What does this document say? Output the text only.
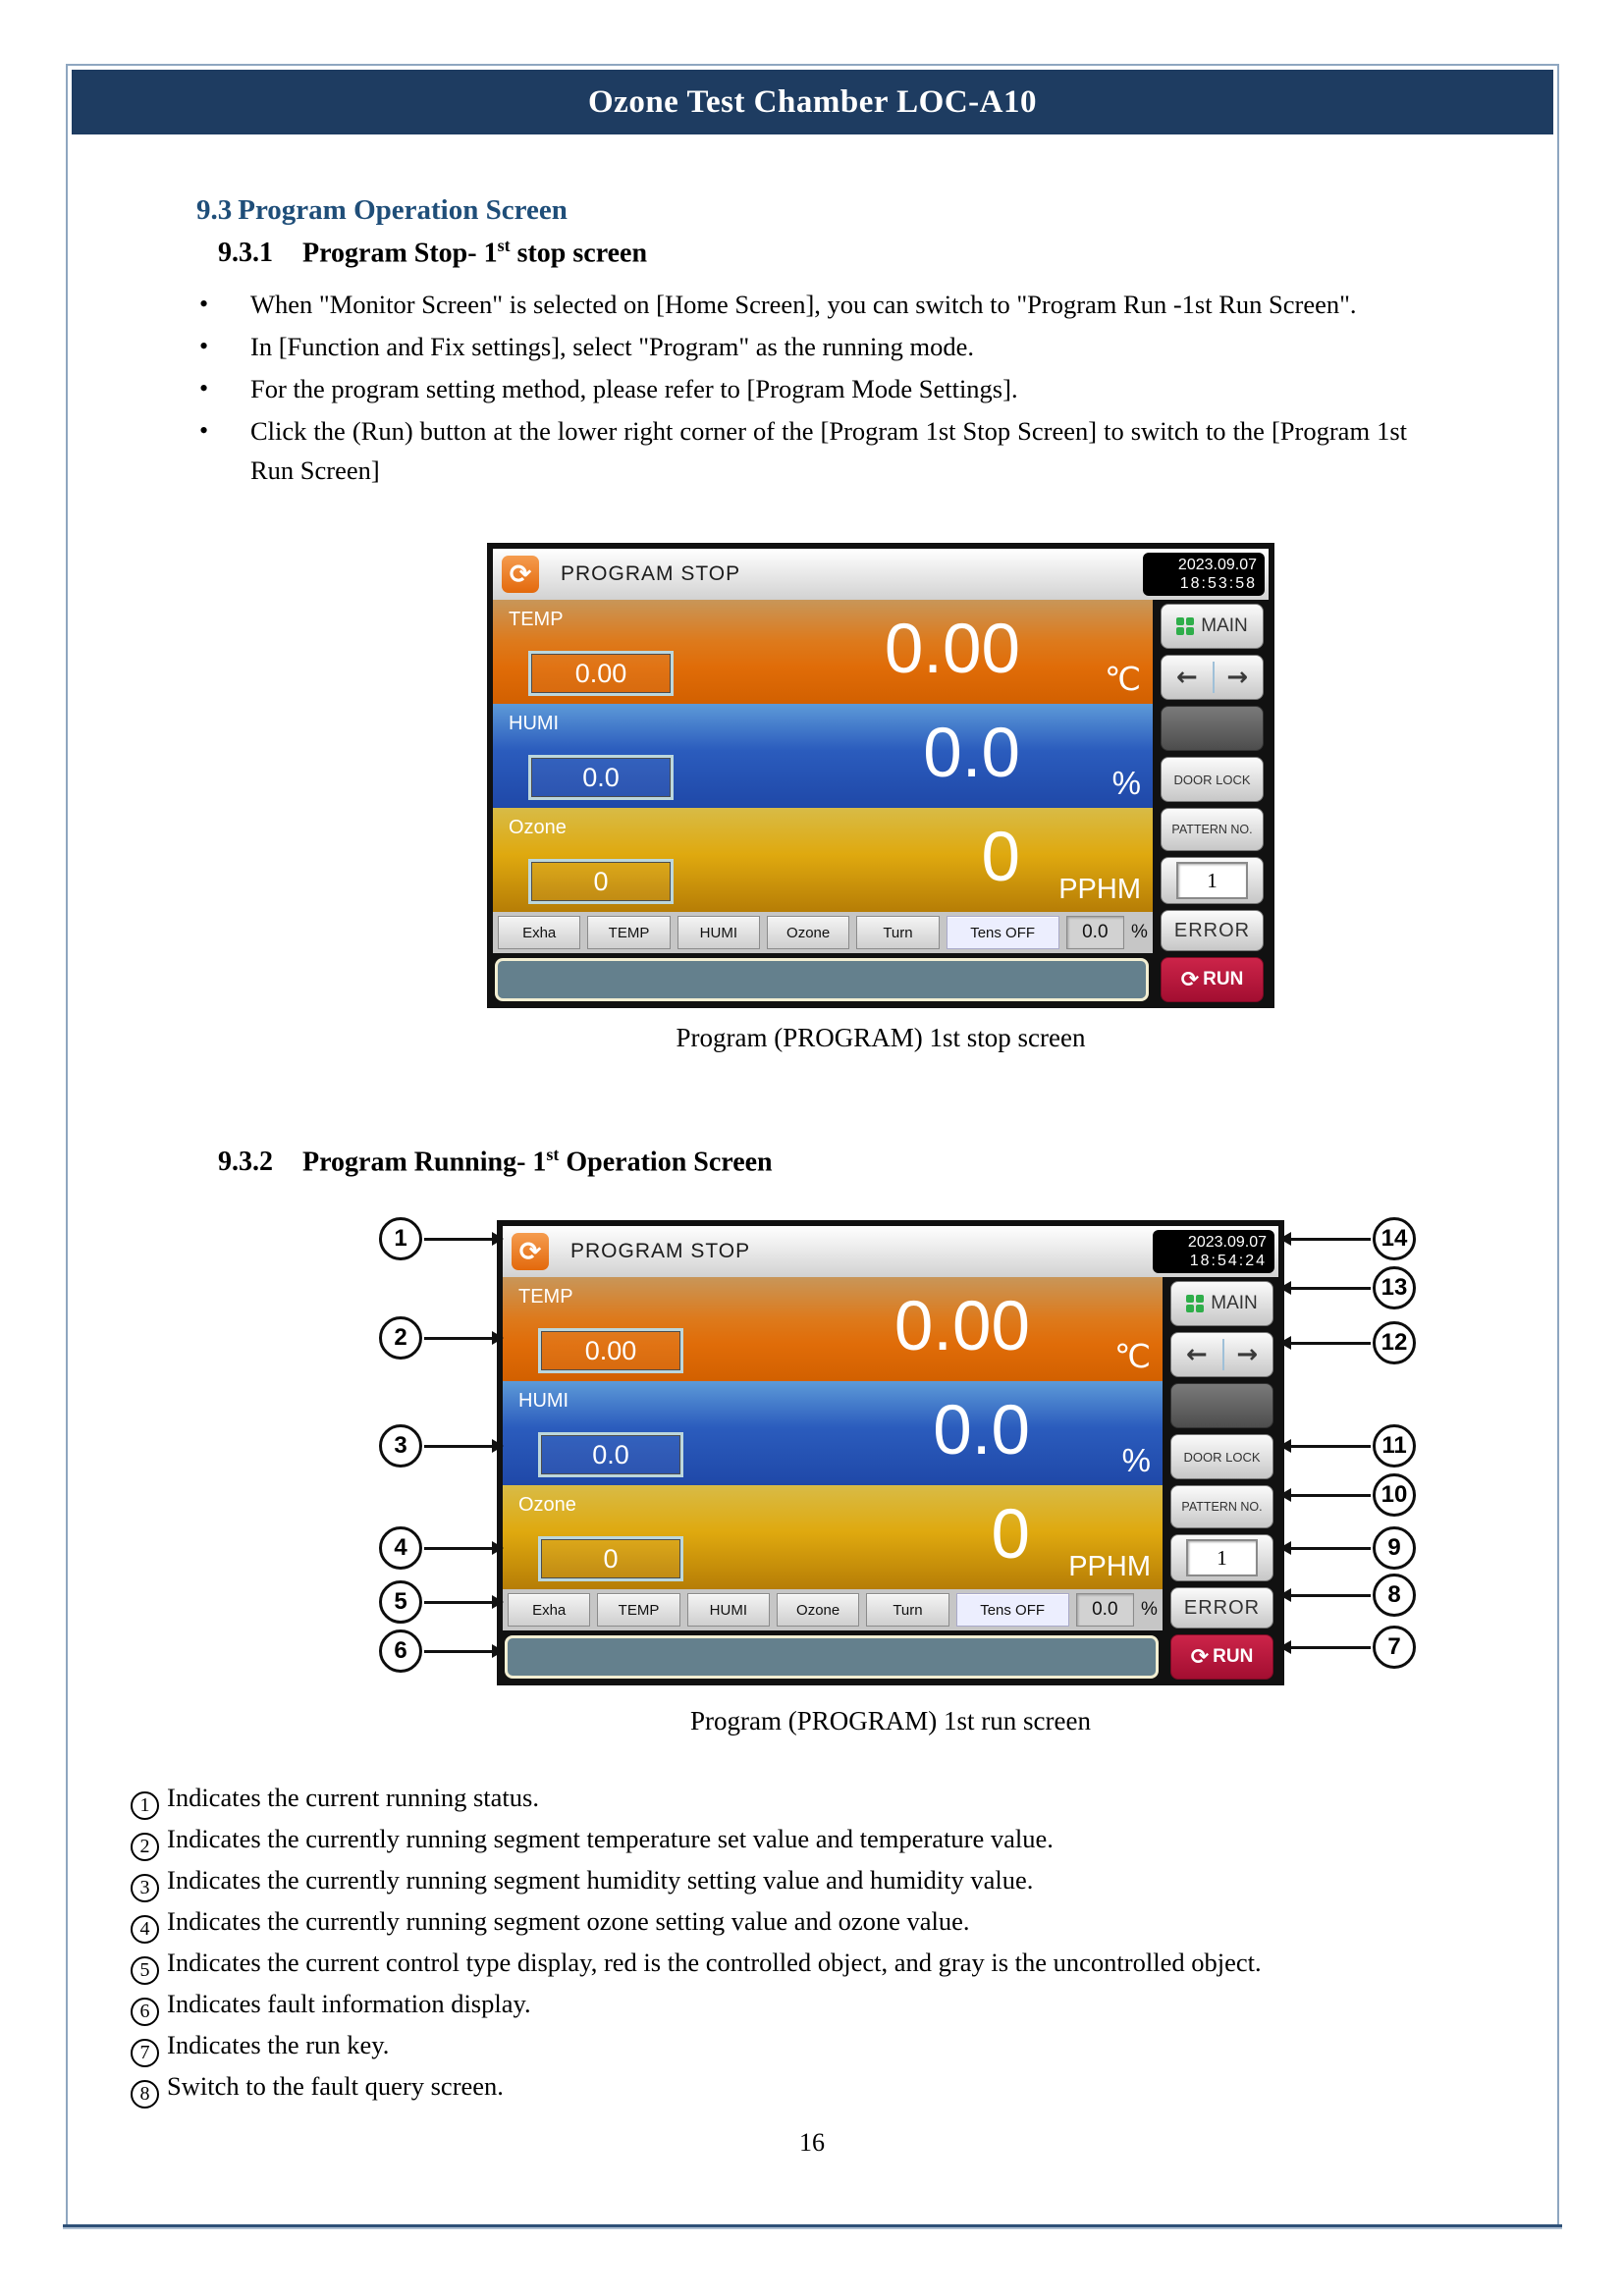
Ozone Test Chamber LOC-A10
9.3 Program Operation Screen
9.3.1 Program Stop- 1st stop screen
•	When "Monitor Screen" is selected on [Home Screen], you can switch to "Program Run -1st Run Screen".
•	In [Function and Fix settings], select "Program" as the running mode.
•	For the program setting method, please refer to [Program Mode Settings].
•	Click the (Run) button at the lower right corner of the [Program 1st Stop Screen] to switch to the [Program 1st Run Screen]
⟳ PROGRAM STOP	2023.09.07
18:53:58
TEMP
0.00	0.00	℃
HUMI
0.0	0.0	%
Ozone
0	0 PPHM
Exha	TEMP	HUMI	Ozone	Turn	Tens OFF	0.0	%
MAIN
←	→
DOOR LOCK
PATTERN NO.
1
ERROR
⟳ RUN
Program (PROGRAM) 1st stop screen
9.3.2 Program Running- 1st Operation Screen
⟳ PROGRAM STOP	2023.09.07
18:54:24
TEMP
0.00	0.00	℃
HUMI
0.0	0.0	%
Ozone
0	0 PPHM
Exha	TEMP	HUMI	Ozone	Turn	Tens OFF	0.0	%
MAIN
←	→
DOOR LOCK
PATTERN NO.
1
ERROR
⟳ RUN
1
2
3
4
5
6
14
13
12
11
10
9
8
7
Program (PROGRAM) 1st run screen
1 Indicates the current running status.
2 Indicates the currently running segment temperature set value and temperature value.
3 Indicates the currently running segment humidity setting value and humidity value.
4 Indicates the currently running segment ozone setting value and ozone value.
5 Indicates the current control type display, red is the controlled object, and gray is the uncontrolled object.
6 Indicates fault information display.
7 Indicates the run key.
8 Switch to the fault query screen.
16
